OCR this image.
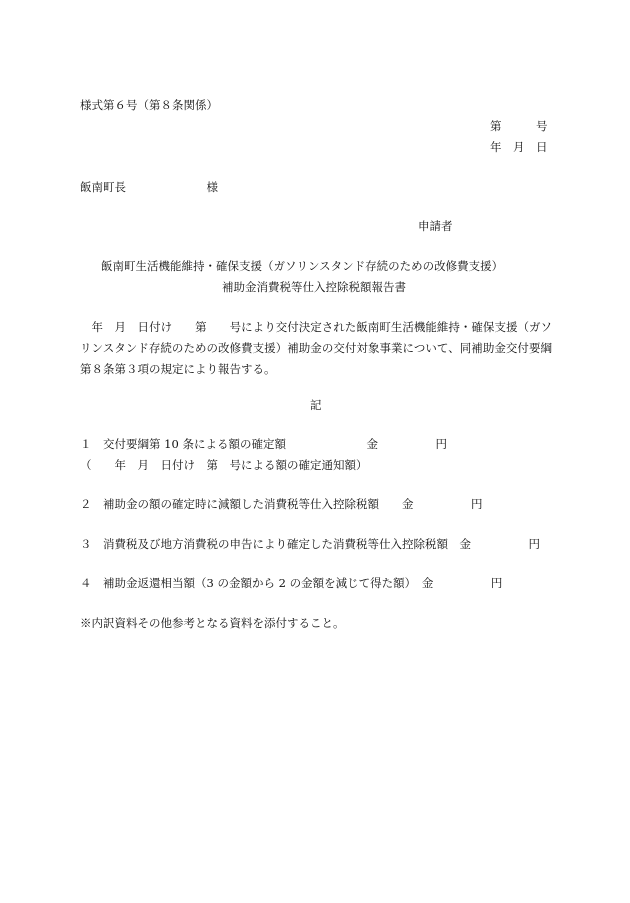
様式第６号（第８条関係）
第　　　号
年　月　日
飯南町長　　　　　　　様
申請者
飯南町生活機能維持・確保支援（ガソリンスタンド存続のための改修費支援）
補助金消費税等仕入控除税額報告書
　年　月　日付け　　第　　号により交付決定された飯南町生活機能維持・確保支援（ガソリンスタンド存続のための改修費支援）補助金の交付対象事業について、同補助金交付要綱第８条第３項の規定により報告する。
記
１　交付要綱第 10 条による額の確定額　　　　　　　金　　　　　円
（　　年　月　日付け　第　号による額の確定通知額）
２　補助金の額の確定時に減額した消費税等仕入控除税額　　金　　　　　円
３　消費税及び地方消費税の申告により確定した消費税等仕入控除税額　金　　　　　円
４　補助金返還相当額（3 の金額から 2 の金額を減じて得た額）　金　　　　　円
※内訳資料その他参考となる資料を添付すること。
